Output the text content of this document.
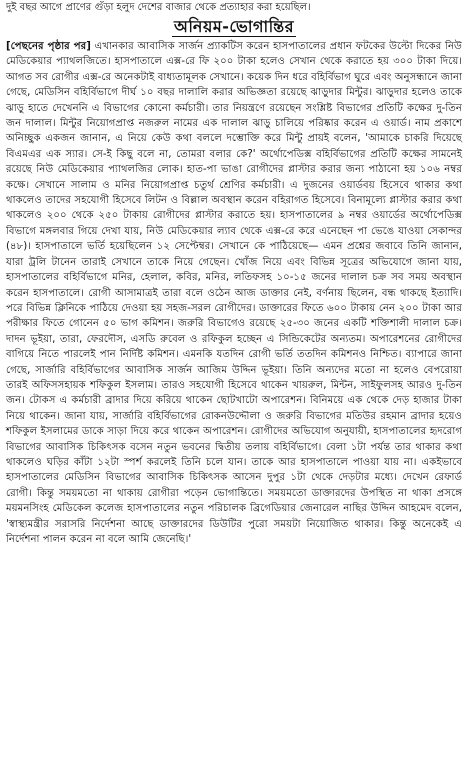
দুই বছর আগে প্রাণের গুঁড়া হলুদ দেশের বাজার থেকে প্রত্যাহার করা হয়েছিল।
অনিয়ম-ভোগান্তির

[পেছনের পৃষ্ঠার পর] এখানকার আবাসিক সার্জন প্র্যাকটিস করেন হাসপাতালের প্রধান ফটকের উল্টো দিকের নিউ মেডিকেয়ার প্যাথলজিতে। হাসপাতালে এক্স-রে ফি ২০০ টাকা হলেও সেখান থেকে করাতে হয় ৩০০ টাকা দিয়ে। আগত সব রোগীর এক্স-রে অনেকটাই বাধ্যতামূলক সেখানে। কয়েক দিন ধরে বহির্বিভাগ ঘুরে এবং অনুসন্ধানে জানা গেছে, মেডিসিন বহির্বিভাগে দীর্ঘ ১০ বছর দালালি করার অভিজ্ঞতা রয়েছে ঝাড়ুদার মিন্টুর। ঝাড়ুদার হলেও তাকে ঝাড়ু হাতে দেখেননি এ বিভাগের কোনো কর্মচারী। তার নিয়ন্ত্রণে রয়েছেন সংশ্লিষ্ট বিভাগের প্রতিটি কক্ষের দু-তিন জন দালাল। মিন্টুর নিয়োগপ্রাপ্ত নজরুল নামের এক দালাল ঝাড়ু চালিয়ে পরিষ্কার করেন এ ওয়ার্ড। নাম প্রকাশে অনিচ্ছুক একজন জানান, এ নিয়ে কেউ কথা বললে দম্ভোক্তি করে মিন্টু প্রায়ই বলেন, 'আমাকে চাকরি দিয়েছে বিএমএর এক স্যার। সে-ই কিছু বলে না, তোমরা বলার কে?' অর্থোপেডিক্স বহির্বিভাগের প্রতিটি কক্ষের সামনেই রয়েছে নিউ মেডিকেয়ার প্যাথলজির লোক। হাত-পা ভাঙা রোগীদের প্লাস্টার করার জন্য পাঠানো হয় ১০৬ নম্বর কক্ষে। সেখানে সালাম ও মনির নিয়োগপ্রাপ্ত চতুর্থ শ্রেণির কর্মচারী। এ দুজনের ওয়ার্ডবয় হিসেবে থাকার কথা থাকলেও তাদের সহযোগী হিসেবে লিটন ও বিল্লাল অবস্থান করেন বহিরাগত হিসেবে। বিনামূল্যে প্লাস্টার করার কথা থাকলেও ২০০ থেকে ২৫০ টাকায় রোগীদের প্লাস্টার করাতে হয়। হাসপাতালের ৯ নম্বর ওয়ার্ডের অর্থোপেডিক্স বিভাগে মঙ্গলবার গিয়ে দেখা যায়, নিউ মেডিকেয়ার ল্যাব থেকে এক্স-রে করে এনেছেন পা ভেঙে যাওয়া সেকান্দর (৪৮)। হাসপাতালে ভর্তি হয়েছিলেন ১২ সেপ্টেম্বর। সেখানে কে পাঠিয়েছে— এমন প্রশ্নের জবাবে তিনি জানান, যারা ট্রলি টানেন তারাই সেখানে তাকে নিয়ে গেছেন। খোঁজ নিয়ে এবং বিভিন্ন সূত্রের অভিযোগে জানা যায়, হাসপাতালের বহির্বিভাগে মনির, হেলাল, কবির, মনির, লতিফসহ ১০-১৫ জনের দালাল চক্র সব সময় অবস্থান করেন হাসপাতালে। রোগী আসামাত্রই তারা বলে ওঠেন আজ ডাক্তার নেই, বর্ণনায় ছিলেন, বন্ধ থাকছে ইত্যাদি। পরে বিভিন্ন ক্লিনিকে পাঠিয়ে দেওয়া হয় সহজ-সরল রোগীদের। ডাক্তারের ফিতে ৬০০ টাকায় নেন ২০০ টাকা আর পরীক্ষার ফিতে গোনেন ৫০ ভাগ কমিশন। জরুরি বিভাগেও রয়েছে ২৫-৩০ জনের একটি শক্তিশালী দালাল চক্র। দাদন ভূইয়া, তারা, ফেরদৌস, এসডি রুবেল ও রফিকুল হচ্ছেন এ সিন্ডিকেটের অন্যতম। অপারেশনের রোগীদের বাগিয়ে নিতে পারলেই পান নির্দিষ্ট কমিশন। এমনকি যতদিন রোগী ভর্তি ততদিন কমিশনও নিশ্চিত। ব্যাপারে জানা গেছে, সার্জারি বহির্বিভাগের আবাসিক সার্জন আজিম উদ্দিন ভূইয়া। তিনি অন্যদের মতো না হলেও বেপরোয়া তারই অফিসসহায়ক শফিকুল ইসলাম। তারও সহযোগী হিসেবে থাকেন খায়রুল, মিন্টন, সাইফুলসহ আরও দু-তিন জন। টোকস এ কর্মচারী ব্রাদার দিয়ে করিয়ে থাকেন ছোটখাটো অপারেশন। বিনিময়ে এক থেকে দেড় হাজার টাকা নিয়ে থাকেন। জানা যায়, সার্জারি বহির্বিভাগের রোকনউদ্দৌলা ও জরুরি বিভাগের মতিউর রহমান ব্রাদার হয়েও শফিকুল ইসলামের ডাকে সাড়া দিয়ে করে থাকেন অপারেশন। রোগীদের অভিযোগ অনুযায়ী, হাসপাতালের হৃদরোগ বিভাগের আবাসিক চিকিৎসক বসেন নতুন ভবনের দ্বিতীয় তলায় বহির্বিভাগে। বেলা ১টা পর্যন্ত তার থাকার কথা থাকলেও ঘড়ির কাঁটা ১২টা স্পর্শ করলেই তিনি চলে যান। তাকে আর হাসপাতালে পাওয়া যায় না। একইভাবে হাসপাতালের মেডিসিন বিভাগের আবাসিক চিকিৎসক আসেন দুপুর ১টা থেকে দেড়টার মধ্যে। দেখেন রেফার্ড রোগী। কিন্তু সময়মতো না থাকায় রোগীরা পড়েন ভোগান্তিতে। সময়মতো ডাক্তারদের উপস্থিত না থাকা প্রসঙ্গে ময়মনসিংহ মেডিকেল কলেজ হাসপাতালের নতুন পরিচালক ব্রিগেডিয়ার জেনারেল নাছির উদ্দিন আহমেদ বলেন, 'স্বাস্থ্যমন্ত্রীর সরাসরি নির্দেশনা আছে ডাক্তারদের ডিউটির পুরো সময়টা নিয়োজিত থাকার। কিন্তু অনেকেই এ নির্দেশনা পালন করেন না বলে আমি জেনেছি।'
